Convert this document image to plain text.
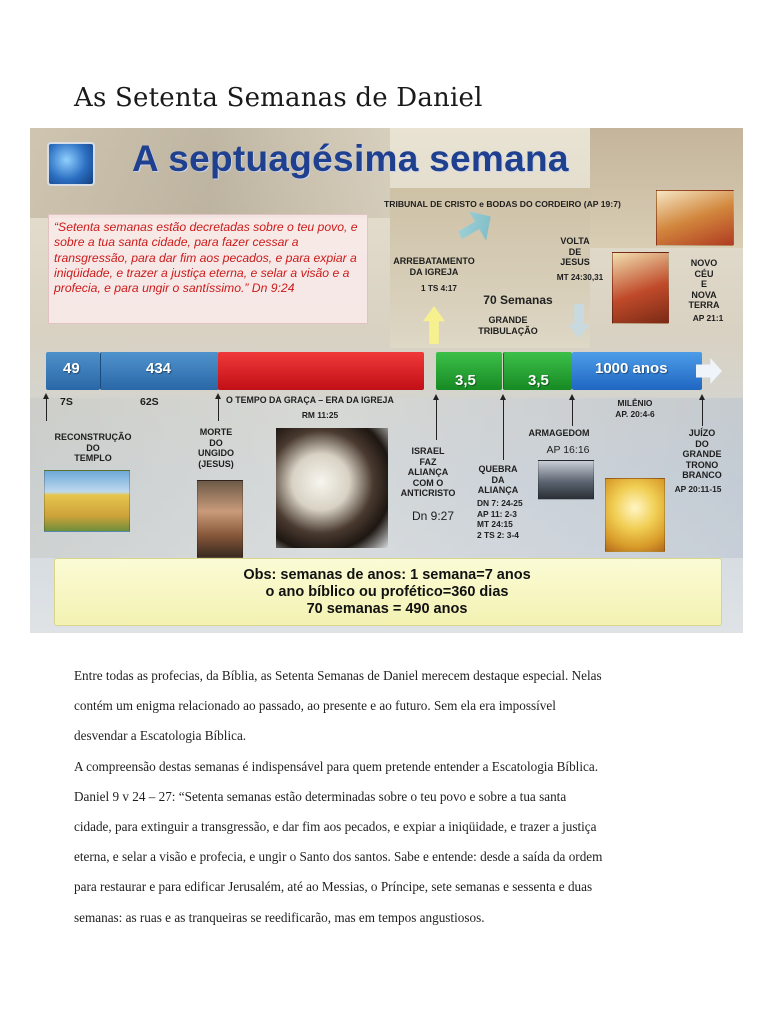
As Setenta Semanas de Daniel
A septuagésima semana
“Setenta semanas estão decretadas sobre o teu povo, e sobre a tua santa cidade, para fazer cessar a transgressão, para dar fim aos pecados, e para expiar a iniqüidade, e trazer a justiça eterna, e selar a visão e a profecia, e para ungir o santíssimo.” Dn 9:24
TRIBUNAL DE CRISTO e BODAS DO CORDEIRO (AP 19:7)
ARREBATAMENTO
DA IGREJA
1 TS 4:17
70 Semanas
GRANDE
TRIBULAÇÃO
VOLTA
DE
JESUS
MT 24:30,31
NOVO
CÉU
E
NOVA
TERRA
AP 21:1
49	434
3,5	3,5
1000 anos
7S	62S	O TEMPO DA GRAÇA – ERA DA IGREJA
RM 11:25
MILÊNIO
AP. 20:4-6
RECONSTRUÇÃO
DO
TEMPLO
MORTE
DO
UNGIDO
(JESUS)
ISRAEL
FAZ
ALIANÇA
COM O
ANTICRISTO
Dn 9:27
QUEBRA
DA
ALIANÇA
DN 7: 24-25
AP 11: 2-3
MT 24:15
2 TS 2: 3-4
ARMAGEDOM
AP 16:16
JUÍZO
DO
GRANDE
TRONO
BRANCO
AP 20:11-15
Obs: semanas de anos: 1 semana=7 anos
o ano bíblico ou profético=360 dias
70 semanas = 490 anos
Entre todas as profecias, da Bíblia, as Setenta Semanas de Daniel merecem destaque especial. Nelas
contém um enigma relacionado ao passado, ao presente e ao futuro. Sem ela era impossível
desvendar a Escatologia Bíblica.
A compreensão destas semanas é indispensável para quem pretende entender a Escatologia Bíblica.
Daniel 9 v 24 – 27: “Setenta semanas estão determinadas sobre o teu povo e sobre a tua santa
cidade, para extinguir a transgressão, e dar fim aos pecados, e expiar a iniqüidade, e trazer a justiça
eterna, e selar a visão e profecia, e ungir o Santo dos santos. Sabe e entende: desde a saída da ordem
para restaurar e para edificar Jerusalém, até ao Messias, o Príncipe, sete semanas e sessenta e duas
semanas: as ruas e as tranqueiras se reedificarão, mas em tempos angustiosos.
